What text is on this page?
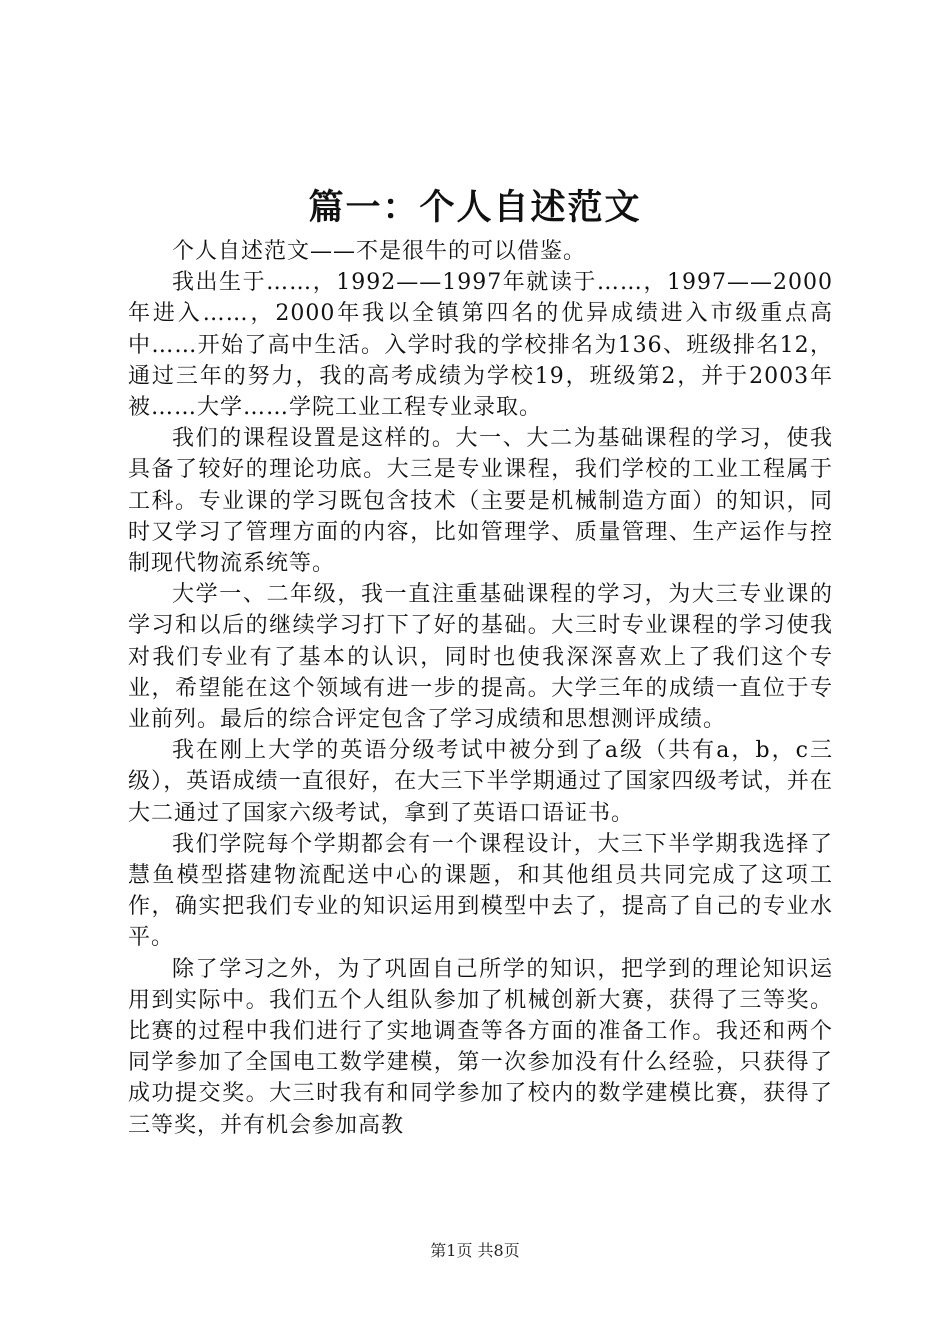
篇一：个人自述范文

个人自述范文——不是很牛的可以借鉴。

我出生于……，1992——1997年就读于……，1997——2000年进入……，2000年我以全镇第四名的优异成绩进入市级重点高中……开始了高中生活。入学时我的学校排名为136、班级排名12，通过三年的努力，我的高考成绩为学校19，班级第2，并于2003年被……大学……学院工业工程专业录取。

我们的课程设置是这样的。大一、大二为基础课程的学习，使我具备了较好的理论功底。大三是专业课程，我们学校的工业工程属于工科。专业课的学习既包含技术（主要是机械制造方面）的知识，同时又学习了管理方面的内容，比如管理学、质量管理、生产运作与控制现代物流系统等。

大学一、二年级，我一直注重基础课程的学习，为大三专业课的学习和以后的继续学习打下了好的基础。大三时专业课程的学习使我对我们专业有了基本的认识，同时也使我深深喜欢上了我们这个专业，希望能在这个领域有进一步的提高。大学三年的成绩一直位于专业前列。最后的综合评定包含了学习成绩和思想测评成绩。

我在刚上大学的英语分级考试中被分到了a级（共有a，b，c三级），英语成绩一直很好，在大三下半学期通过了国家四级考试，并在大二通过了国家六级考试，拿到了英语口语证书。

我们学院每个学期都会有一个课程设计，大三下半学期我选择了慧鱼模型搭建物流配送中心的课题，和其他组员共同完成了这项工作，确实把我们专业的知识运用到模型中去了，提高了自己的专业水平。

除了学习之外，为了巩固自己所学的知识，把学到的理论知识运用到实际中。我们五个人组队参加了机械创新大赛，获得了三等奖。比赛的过程中我们进行了实地调查等各方面的准备工作。我还和两个同学参加了全国电工数学建模，第一次参加没有什么经验，只获得了成功提交奖。大三时我有和同学参加了校内的数学建模比赛，获得了三等奖，并有机会参加高教

第1页 共8页
